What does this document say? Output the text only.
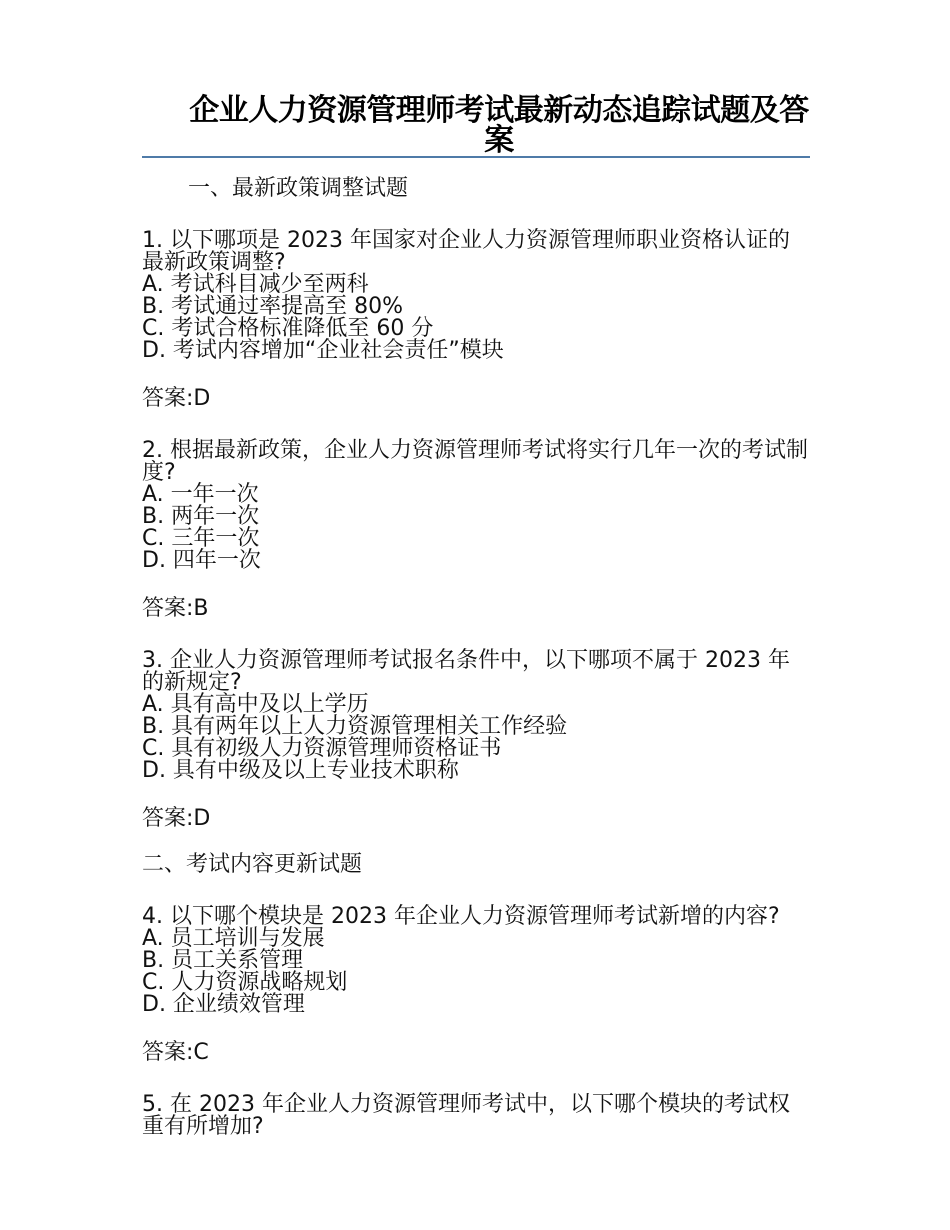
企业人力资源管理师考试最新动态追踪试题及答案

一、最新政策调整试题

1. 以下哪项是 2023 年国家对企业人力资源管理师职业资格认证的最新政策调整?

A. 考试科目减少至两科
B. 考试通过率提高至 80%
C. 考试合格标准降低至 60 分
D. 考试内容增加“企业社会责任”模块

答案:D

2. 根据最新政策，企业人力资源管理师考试将实行几年一次的考试制度?

A. 一年一次
B. 两年一次
C. 三年一次
D. 四年一次

答案:B

3. 企业人力资源管理师考试报名条件中，以下哪项不属于 2023 年的新规定?

A. 具有高中及以上学历
B. 具有两年以上人力资源管理相关工作经验
C. 具有初级人力资源管理师资格证书
D. 具有中级及以上专业技术职称

答案:D

二、考试内容更新试题

4. 以下哪个模块是 2023 年企业人力资源管理师考试新增的内容?

A. 员工培训与发展
B. 员工关系管理
C. 人力资源战略规划
D. 企业绩效管理

答案:C

5. 在 2023 年企业人力资源管理师考试中，以下哪个模块的考试权重有所增加?
